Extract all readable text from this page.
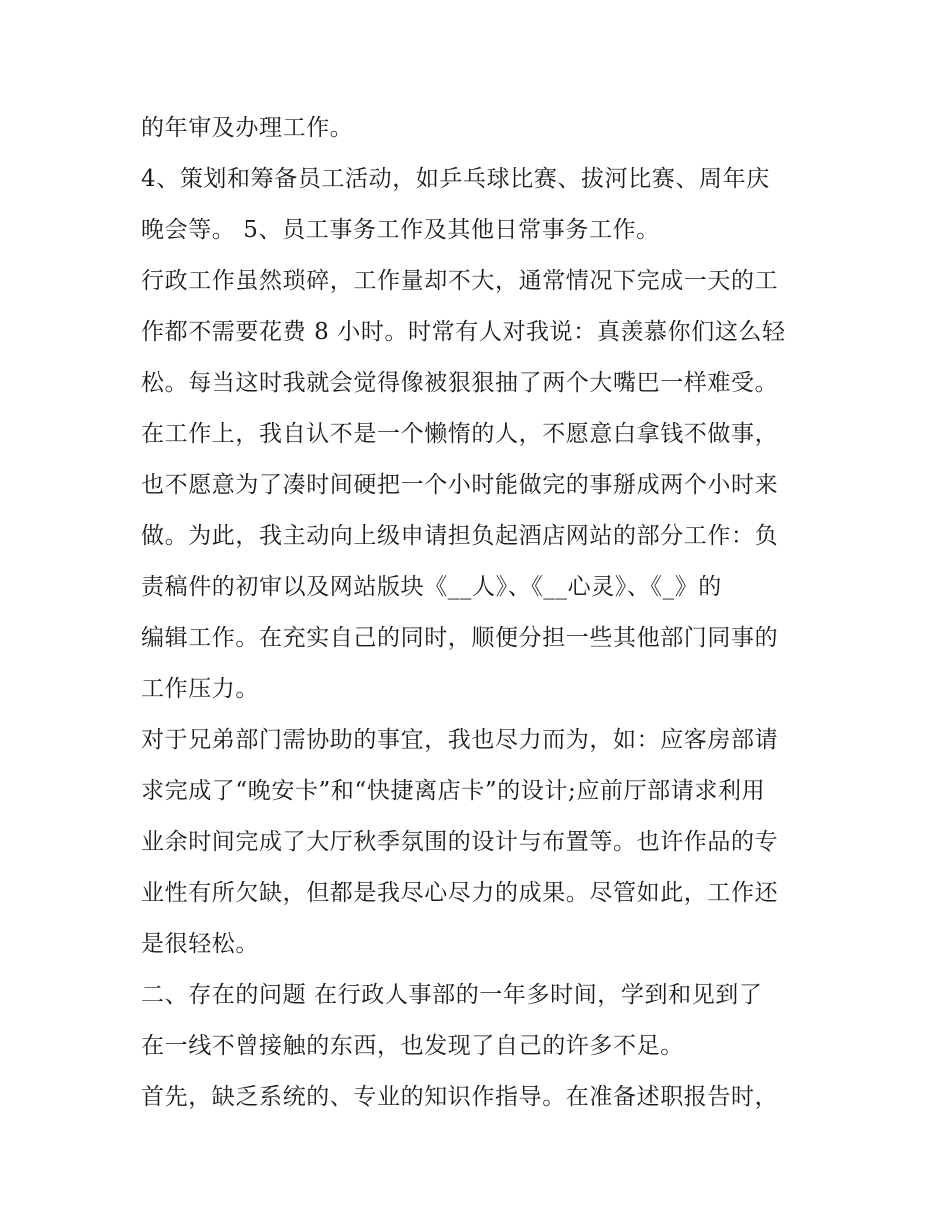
的年审及办理工作。
4、策划和筹备员工活动，如乒乓球比赛、拔河比赛、周年庆
晚会等。 5、员工事务工作及其他日常事务工作。
行政工作虽然琐碎，工作量却不大，通常情况下完成一天的工
作都不需要花费 8 小时。时常有人对我说：真羡慕你们这么轻
松。每当这时我就会觉得像被狠狠抽了两个大嘴巴一样难受。
在工作上，我自认不是一个懒惰的人，不愿意白拿钱不做事，
也不愿意为了凑时间硬把一个小时能做完的事掰成两个小时来
做。为此，我主动向上级申请担负起酒店网站的部分工作：负
责稿件的初审以及网站版块《__人》、《__心灵》、《_》的
编辑工作。在充实自己的同时，顺便分担一些其他部门同事的
工作压力。
对于兄弟部门需协助的事宜，我也尽力而为，如：应客房部请
求完成了“晚安卡”和“快捷离店卡”的设计;应前厅部请求利用
业余时间完成了大厅秋季氛围的设计与布置等。也许作品的专
业性有所欠缺，但都是我尽心尽力的成果。尽管如此，工作还
是很轻松。
二、存在的问题 在行政人事部的一年多时间，学到和见到了
在一线不曾接触的东西，也发现了自己的许多不足。
首先，缺乏系统的、专业的知识作指导。在准备述职报告时，
